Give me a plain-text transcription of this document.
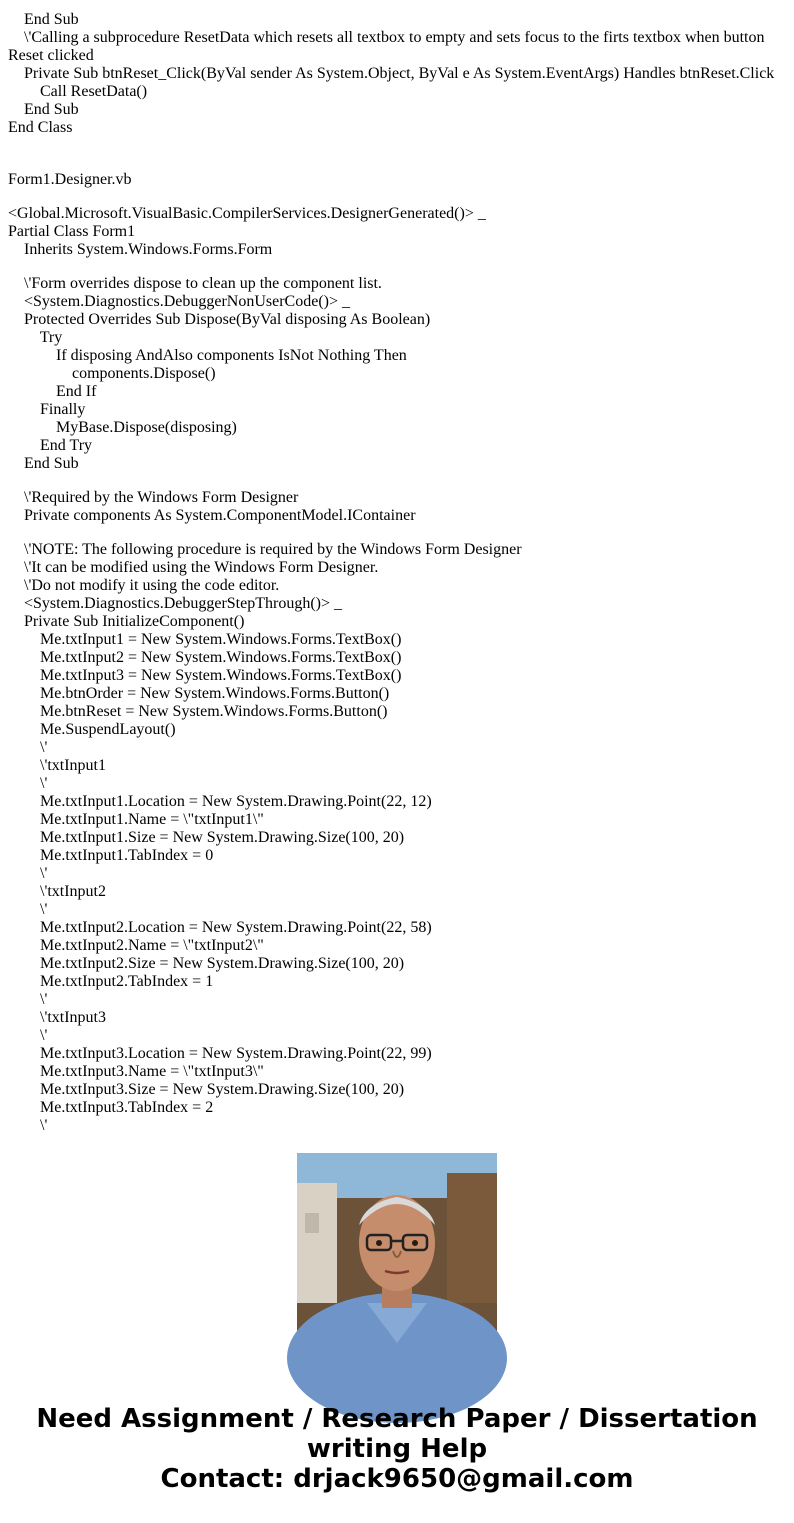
End Sub
\'Calling a subprocedure ResetData which resets all textbox to empty and sets focus to the firts textbox when button Reset clicked
Private Sub btnReset_Click(ByVal sender As System.Object, ByVal e As System.EventArgs) Handles btnReset.Click
Call ResetData()
End Sub
End Class
Form1.Designer.vb
<Global.Microsoft.VisualBasic.CompilerServices.DesignerGenerated()> _
Partial Class Form1
Inherits System.Windows.Forms.Form
\'Form overrides dispose to clean up the component list.
<System.Diagnostics.DebuggerNonUserCode()> _
Protected Overrides Sub Dispose(ByVal disposing As Boolean)
Try
If disposing AndAlso components IsNot Nothing Then
components.Dispose()
End If
Finally
MyBase.Dispose(disposing)
End Try
End Sub
\'Required by the Windows Form Designer
Private components As System.ComponentModel.IContainer
\'NOTE: The following procedure is required by the Windows Form Designer
\'It can be modified using the Windows Form Designer.
\'Do not modify it using the code editor.
<System.Diagnostics.DebuggerStepThrough()> _
Private Sub InitializeComponent()
Me.txtInput1 = New System.Windows.Forms.TextBox()
Me.txtInput2 = New System.Windows.Forms.TextBox()
Me.txtInput3 = New System.Windows.Forms.TextBox()
Me.btnOrder = New System.Windows.Forms.Button()
Me.btnReset = New System.Windows.Forms.Button()
Me.SuspendLayout()
\'
\'txtInput1
\'
Me.txtInput1.Location = New System.Drawing.Point(22, 12)
Me.txtInput1.Name = \"txtInput1\"
Me.txtInput1.Size = New System.Drawing.Size(100, 20)
Me.txtInput1.TabIndex = 0
\'
\'txtInput2
\'
Me.txtInput2.Location = New System.Drawing.Point(22, 58)
Me.txtInput2.Name = \"txtInput2\"
Me.txtInput2.Size = New System.Drawing.Size(100, 20)
Me.txtInput2.TabIndex = 1
\'
\'txtInput3
\'
Me.txtInput3.Location = New System.Drawing.Point(22, 99)
Me.txtInput3.Name = \"txtInput3\"
Me.txtInput3.Size = New System.Drawing.Size(100, 20)
Me.txtInput3.TabIndex = 2
\'
Need Assignment / Research Paper / Dissertation
writing Help
Contact: drjack9650@gmail.com
